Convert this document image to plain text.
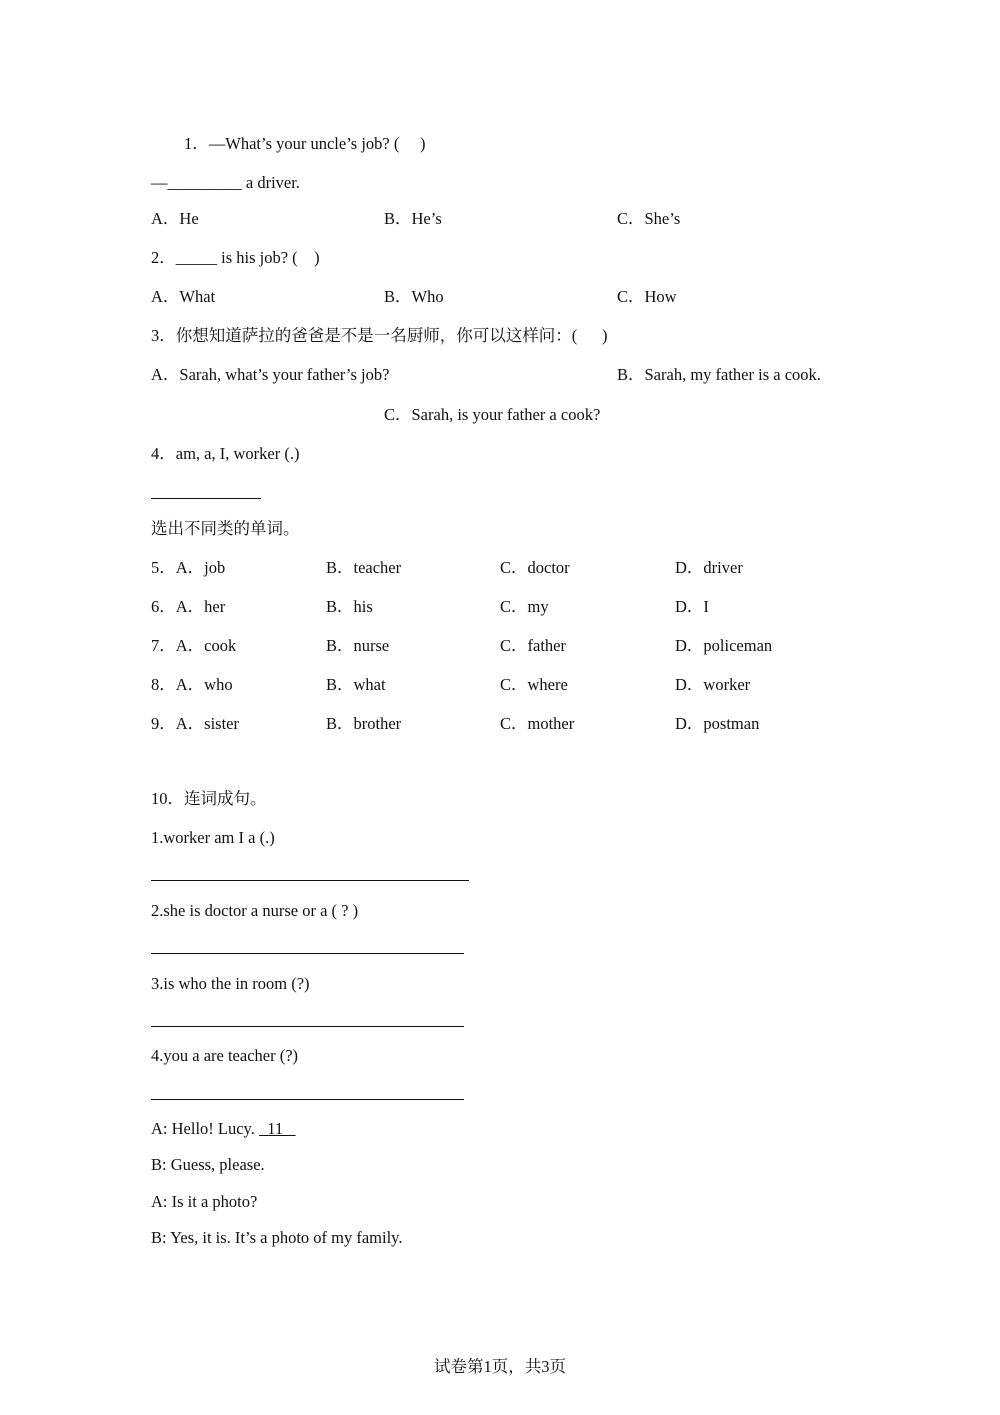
1．—What’s your uncle’s job? (     )
—_________ a driver.
A．He	B．He’s	C．She’s
2．_____ is his job? (    )
A．What	B．Who	C．How
3．你想知道萨拉的爸爸是不是一名厨师，你可以这样问：(      )
A．Sarah, what’s your father’s job?	B．Sarah, my father is a cook.
C．Sarah, is your father a cook?
4．am, a, I, worker (.)
选出不同类的单词。
5．A．job	B．teacher	C．doctor	D．driver
6．A．her	B．his	C．my	D．I
7．A．cook	B．nurse	C．father	D．policeman
8．A．who	B．what	C．where	D．worker
9．A．sister	B．brother	C．mother	D．postman
10．连词成句。
1.worker am I a (.)
2.she is doctor a nurse or a ( ? )
3.is who the in room (?)
4.you a are teacher (?)
A: Hello! Lucy.   11
B: Guess, please.
A: Is it a photo?
B: Yes, it is. It’s a photo of my family.
试卷第1页，共3页
